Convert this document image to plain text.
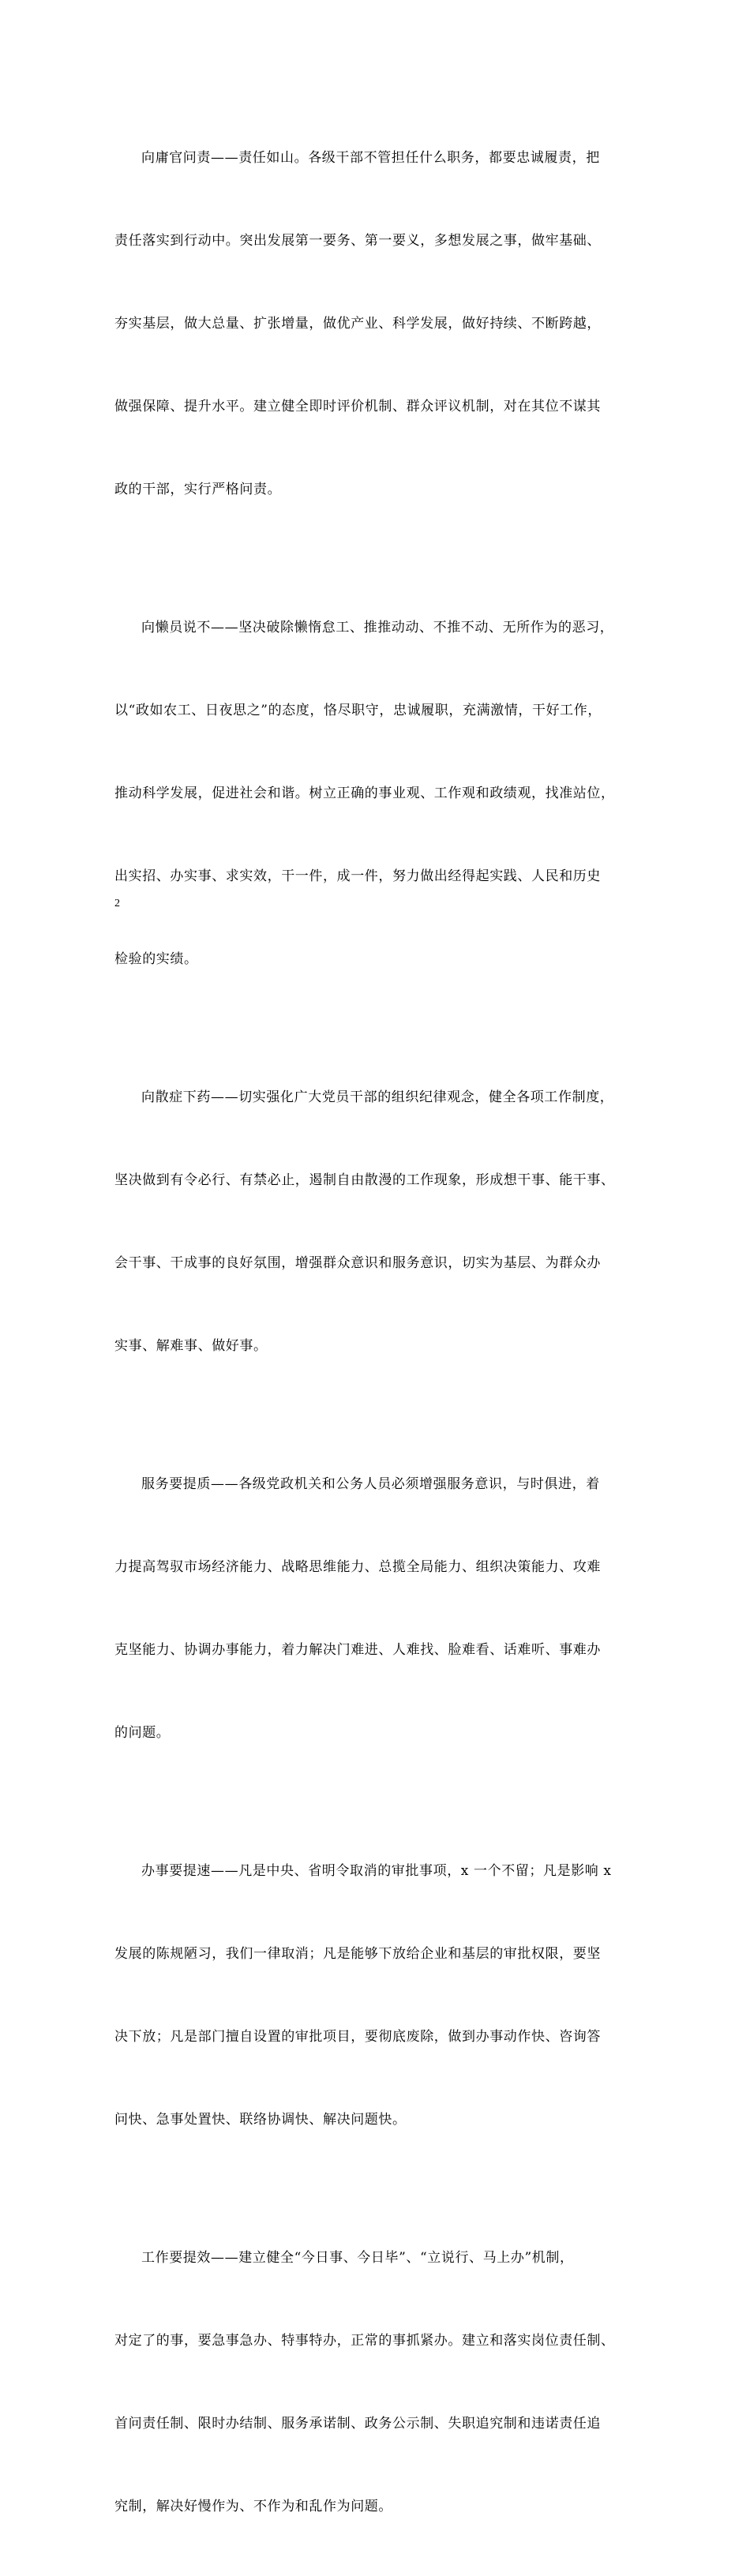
向庸官问责——责任如山。各级干部不管担任什么职务，都要忠诚履责，把

责任落实到行动中。突出发展第一要务、第一要义，多想发展之事，做牢基础、

夯实基层，做大总量、扩张增量，做优产业、科学发展，做好持续、不断跨越，

做强保障、提升水平。建立健全即时评价机制、群众评议机制，对在其位不谋其

政的干部，实行严格问责。

向懒员说不——坚决破除懒惰怠工、推推动动、不推不动、无所作为的恶习，

以“政如农工、日夜思之”的态度，恪尽职守，忠诚履职，充满激情，干好工作，

推动科学发展，促进社会和谐。树立正确的事业观、工作观和政绩观，找准站位，

出实招、办实事、求实效，干一件，成一件，努力做出经得起实践、人民和历史

检验的实绩。

向散症下药——切实强化广大党员干部的组织纪律观念，健全各项工作制度，

坚决做到有令必行、有禁必止，遏制自由散漫的工作现象，形成想干事、能干事、

会干事、干成事的良好氛围，增强群众意识和服务意识，切实为基层、为群众办

实事、解难事、做好事。

服务要提质——各级党政机关和公务人员必须增强服务意识，与时俱进，着

力提高驾驭市场经济能力、战略思维能力、总揽全局能力、组织决策能力、攻难

克坚能力、协调办事能力，着力解决门难进、人难找、脸难看、话难听、事难办

的问题。

办事要提速——凡是中央、省明令取消的审批事项，x 一个不留；凡是影响 x

发展的陈规陋习，我们一律取消；凡是能够下放给企业和基层的审批权限，要坚

决下放；凡是部门擅自设置的审批项目，要彻底废除，做到办事动作快、咨询答

问快、急事处置快、联络协调快、解决问题快。

工作要提效——建立健全“今日事、今日毕”、“立说行、马上办”机制，

对定了的事，要急事急办、特事特办，正常的事抓紧办。建立和落实岗位责任制、

首问责任制、限时办结制、服务承诺制、政务公示制、失职追究制和违诺责任追

究制，解决好慢作为、不作为和乱作为问题。

2
